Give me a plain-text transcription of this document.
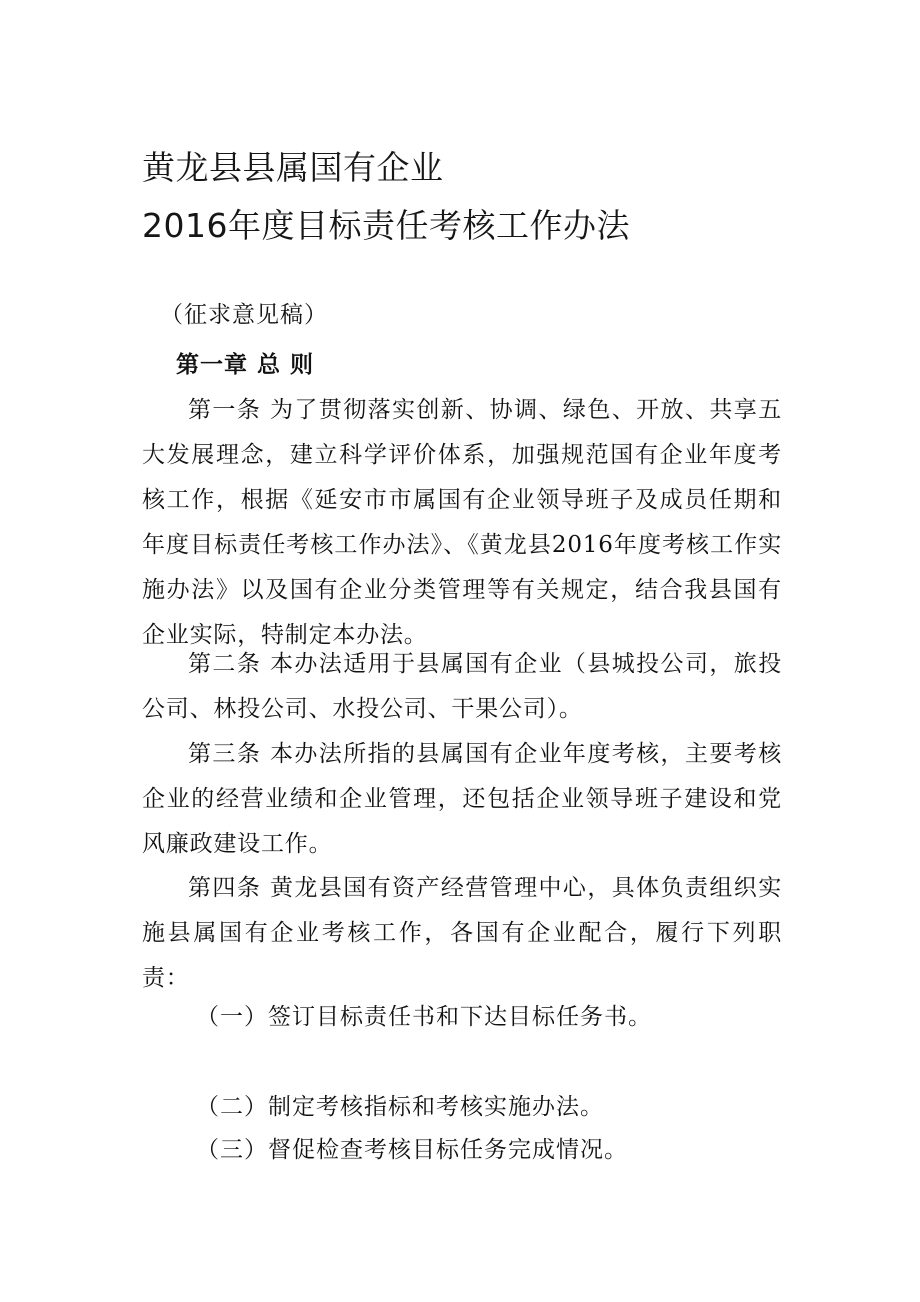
黄龙县县属国有企业
2016年度目标责任考核工作办法
（征求意见稿）
第一章 总 则

第一条 为了贯彻落实创新、协调、绿色、开放、共享五大发展理念，建立科学评价体系，加强规范国有企业年度考核工作，根据《延安市市属国有企业领导班子及成员任期和年度目标责任考核工作办法》、《黄龙县2016年度考核工作实施办法》以及国有企业分类管理等有关规定，结合我县国有企业实际，特制定本办法。

第二条 本办法适用于县属国有企业（县城投公司，旅投公司、林投公司、水投公司、干果公司）。

第三条 本办法所指的县属国有企业年度考核，主要考核企业的经营业绩和企业管理，还包括企业领导班子建设和党风廉政建设工作。

第四条 黄龙县国有资产经营管理中心，具体负责组织实施县属国有企业考核工作，各国有企业配合，履行下列职责：

（一）签订目标责任书和下达目标任务书。
（二）制定考核指标和考核实施办法。
（三）督促检查考核目标任务完成情况。
